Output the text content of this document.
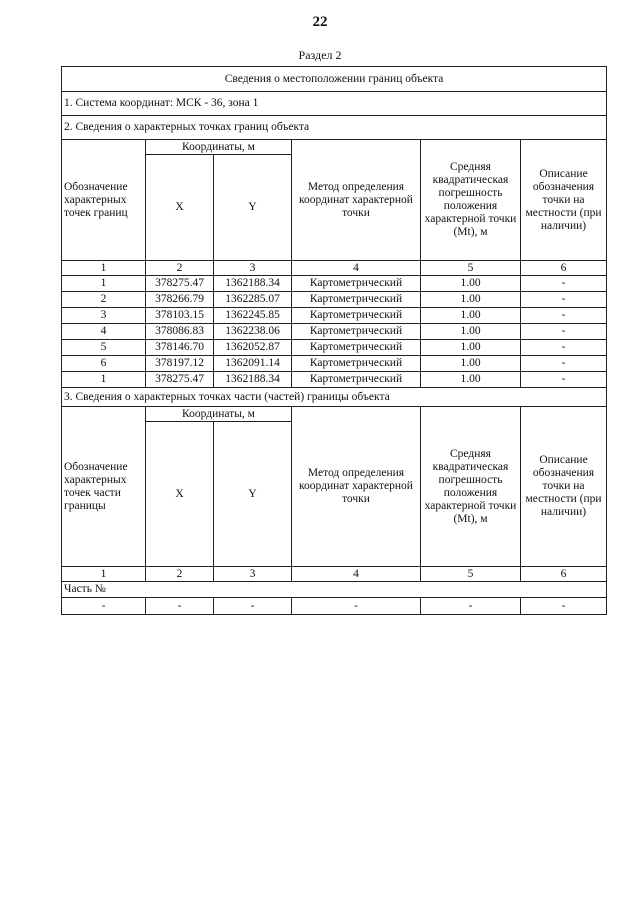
22
Раздел 2
Сведения о местоположении границ объекта					
1. Система координат: МСК - 36, зона 1					
2. Сведения о характерных точках границ объекта					
Обозначение характерных точек границ	Координаты, м		Метод определения координат характерной точки	Средняя квадратическая погрешность положения характерной точки (Mt), м	Описание обозначения точки на местности (при наличии)
	X	Y			
1	2	3	4	5	6
1	378275.47	1362188.34	Картометрический	1.00	-
2	378266.79	1362285.07	Картометрический	1.00	-
3	378103.15	1362245.85	Картометрический	1.00	-
4	378086.83	1362238.06	Картометрический	1.00	-
5	378146.70	1362052.87	Картометрический	1.00	-
6	378197.12	1362091.14	Картометрический	1.00	-
1	378275.47	1362188.34	Картометрический	1.00	-
3. Сведения о характерных точках части (частей) границы объекта					
Обозначение характерных точек части границы	Координаты, м		Метод определения координат характерной точки	Средняя квадратическая погрешность положения характерной точки (Mt), м	Описание обозначения точки на местности (при наличии)
	X	Y			
1	2	3	4	5	6
Часть №					
-	-	-	-	-	-
